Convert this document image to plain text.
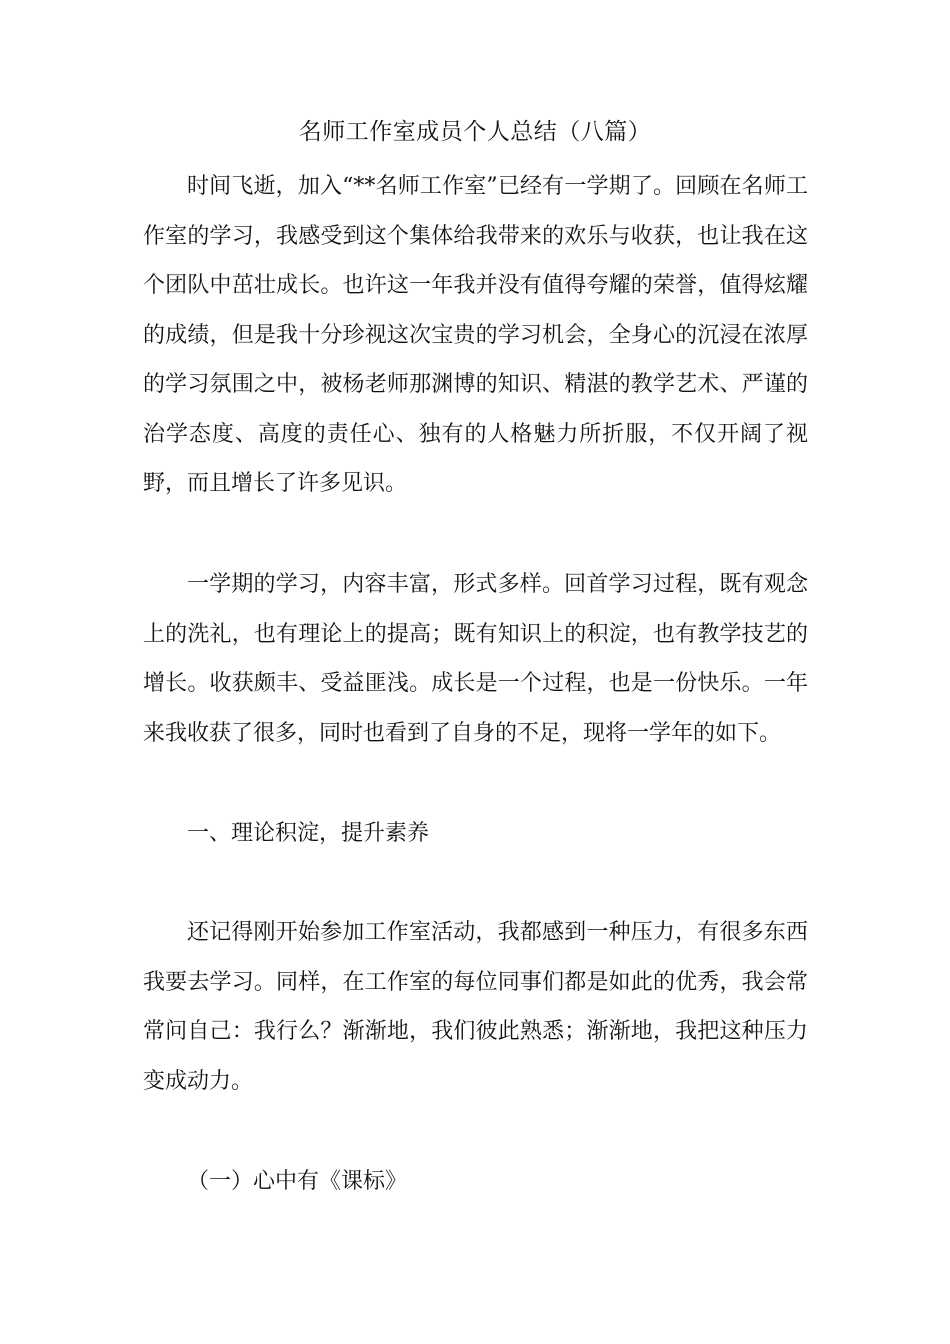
名师工作室成员个人总结（八篇）

时间飞逝，加入“**名师工作室”已经有一学期了。回顾在名师工作室的学习，我感受到这个集体给我带来的欢乐与收获，也让我在这个团队中茁壮成长。也许这一年我并没有值得夸耀的荣誉，值得炫耀的成绩，但是我十分珍视这次宝贵的学习机会，全身心的沉浸在浓厚的学习氛围之中，被杨老师那渊博的知识、精湛的教学艺术、严谨的治学态度、高度的责任心、独有的人格魅力所折服，不仅开阔了视野，而且增长了许多见识。

一学期的学习，内容丰富，形式多样。回首学习过程，既有观念上的洗礼，也有理论上的提高；既有知识上的积淀，也有教学技艺的增长。收获颇丰、受益匪浅。成长是一个过程，也是一份快乐。一年来我收获了很多，同时也看到了自身的不足，现将一学年的如下。

一、理论积淀，提升素养

还记得刚开始参加工作室活动，我都感到一种压力，有很多东西我要去学习。同样，在工作室的每位同事们都是如此的优秀，我会常常问自己：我行么？渐渐地，我们彼此熟悉；渐渐地，我把这种压力变成动力。

（一）心中有《课标》
